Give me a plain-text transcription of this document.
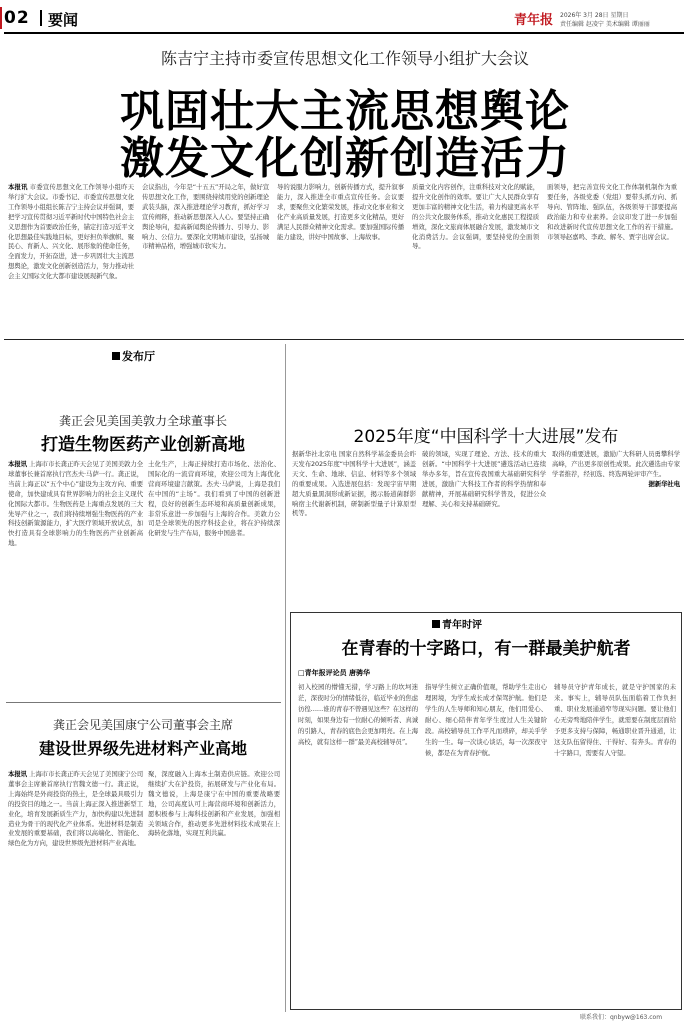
02 要闻	青年报 2026年 3月 28日 星期日
责任编辑 赵凌宁 美术编辑 谭丽丽
陈吉宁主持市委宣传思想文化工作领导小组扩大会议
巩固壮大主流思想舆论
激发文化创新创造活力
本报讯 市委宣传思想文化工作领导小组昨天举行扩大会议。市委书记、市委宣传思想文化工作领导小组组长陈吉宁主持会议并强调，要把学习宣传贯彻习近平新时代中国特色社会主义思想作为首要政治任务，锚定打造习近平文化思想最佳实践地目标，更好担负举旗帜、聚民心、育新人、兴文化、展形象的使命任务，全面发力，开拓奋进，进一步巩固壮大主流思想舆论，激发文化创新创造活力，努力推动社会主义国际文化大都市建设展现新气象。
会议指出，今年是“十五五”开局之年，做好宣传思想文化工作，要围绕持续用党的创新理论武装头脑，深入推进理论学习教育，抓好学习宣传阐释，推动新思想深入人心。要坚持正确舆论导向，提高新闻舆论传播力、引导力、影响力、公信力。要深化文明城市建设，弘扬城市精神品格，增强城市软实力。
导的说服力影响力，创新传播方式，提升叙事能力，深入推进全市重点宣传任务。会议要求，要聚焦文化繁荣发展，推动文化事业和文化产业高质量发展，打造更多文化精品，更好满足人民群众精神文化需求。要加强国际传播能力建设，讲好中国故事、上海故事。
质量文化内容创作，注重科技对文化的赋能，提升文化创作的效率。要让广大人民群众享有更加丰富的精神文化生活，着力构建更高水平的公共文化服务体系，推动文化惠民工程提质增效，深化文旅商体展融合发展，激发城市文化消费活力。会议强调，要坚持党的全面领导。
面领导，把完善宣传文化工作体制机制作为重要任务，各级党委（党组）要带头抓方向、抓导向、管阵地、强队伍，各级领导干部要提高政治能力和专业素养。会议印发了进一步加强和改进新时代宣传思想文化工作的若干措施。市领导赵嘉鸣、李政、解冬、贾宇出席会议。
发布厅
龚正会见美国美敦力全球董事长
打造生物医药产业创新高地
本报讯 上海市市长龚正昨天会见了美国美敦力全球董事长兼首席执行官杰夫·马萨一行。龚正说，当前上海正以“五个中心”建设为主攻方向、重要使命，加快建成具有世界影响力的社会主义现代化国际大都市。生物医药是上海重点发展的三大先导产业之一，我们将持续增强生物医药的产业科技创新策源能力，扩大医疗领域开放试点，加快打造具有全球影响力的生物医药产业创新高地。
土化生产，上海正持续打造市场化、法治化、国际化的一流营商环境，欢迎公司为上海优化营商环境建言献策。杰夫·马萨说，上海是我们在中国的“主场”。我们看到了中国的创新进程，良好的创新生态环境和高质量创新成果，非常乐意进一步加强与上海的合作。美敦力公司是全球领先的医疗科技企业，将在沪持续深化研发与生产布局，服务中国患者。
龚正会见美国康宁公司董事会主席
建设世界级先进材料产业高地
本报讯 上海市市长龚正昨天会见了美国康宁公司董事会主席兼首席执行官魏文德一行。龚正说，上海始终是外商投资的热土，是全球最具吸引力的投资目的地之一。当前上海正深入推进新型工业化，培育发展新质生产力，加快构建以先进制造业为骨干的现代化产业体系。先进材料是制造业发展的重要基础，我们将以高端化、智能化、绿色化为方向，建设世界级先进材料产业高地。
聚，深度融入上海本土制造供应链。欢迎公司继续扩大在沪投资，拓展研发与产业化布局。魏文德说，上海是康宁在中国的重要战略要地，公司高度认可上海营商环境和创新活力，愿积极参与上海科技创新和产业发展，加强相关领域合作，推动更多先进材料技术成果在上海转化落地，实现互利共赢。
2025年度“中国科学十大进展”发布
据新华社北京电 国家自然科学基金委员会昨天发布2025年度“中国科学十大进展”，涵盖天文、生命、地球、信息、材料等多个领域的重要成果。入选进展包括：发现宇宙早期超大质量黑洞形成新证据，揭示肠道菌群影响宿主代谢新机制，研制新型量子计算原型机等。
破的领域，实现了理论、方法、技术的重大创新。“中国科学十大进展”遴选活动已连续举办多年，旨在宣传我国重大基础研究科学进展，激励广大科技工作者的科学热情和奉献精神，开展基础研究科学普及，促进公众理解、关心和支持基础研究。
取得的重要进展，激励广大科研人员勇攀科学高峰，产出更多原创性成果。此次遴选由专家学者推荐，经初选、终选两轮评审产生。
据新华社电
青年时评
在青春的十字路口，有一群最美护航者
□青年报评论员 唐骋华
初入校园的懵懂无措，学习路上的坎坷迷茫，深夜时分的情绪低谷，临近毕业的焦虑彷徨……谁的青春不曾遇见这些？在这样的时刻，如果身边有一位耐心的倾听者、真诚的引路人，青春的底色会更加明亮。在上海高校，就有这样一群“最美高校辅导员”。
指导学生树立正确价值观，帮助学生走出心理困境，为学生成长成才保驾护航。他们是学生的人生导师和知心朋友，他们用爱心、耐心、细心陪伴青年学生度过人生关键阶段。高校辅导员工作平凡而琐碎，却关乎学生的一生。每一次谈心谈话，每一次深夜守候，都是在为青春护航。
辅导员守护青年成长，就是守护国家的未来。事实上，辅导员队伍面临着工作负担重、职业发展通道窄等现实问题。要让他们心无旁骛地陪伴学生，就需要在制度层面给予更多支持与保障，畅通职业晋升通道，让这支队伍留得住、干得好、有奔头。青春的十字路口，需要有人守望。
联系我们：qnbyw@163.com
